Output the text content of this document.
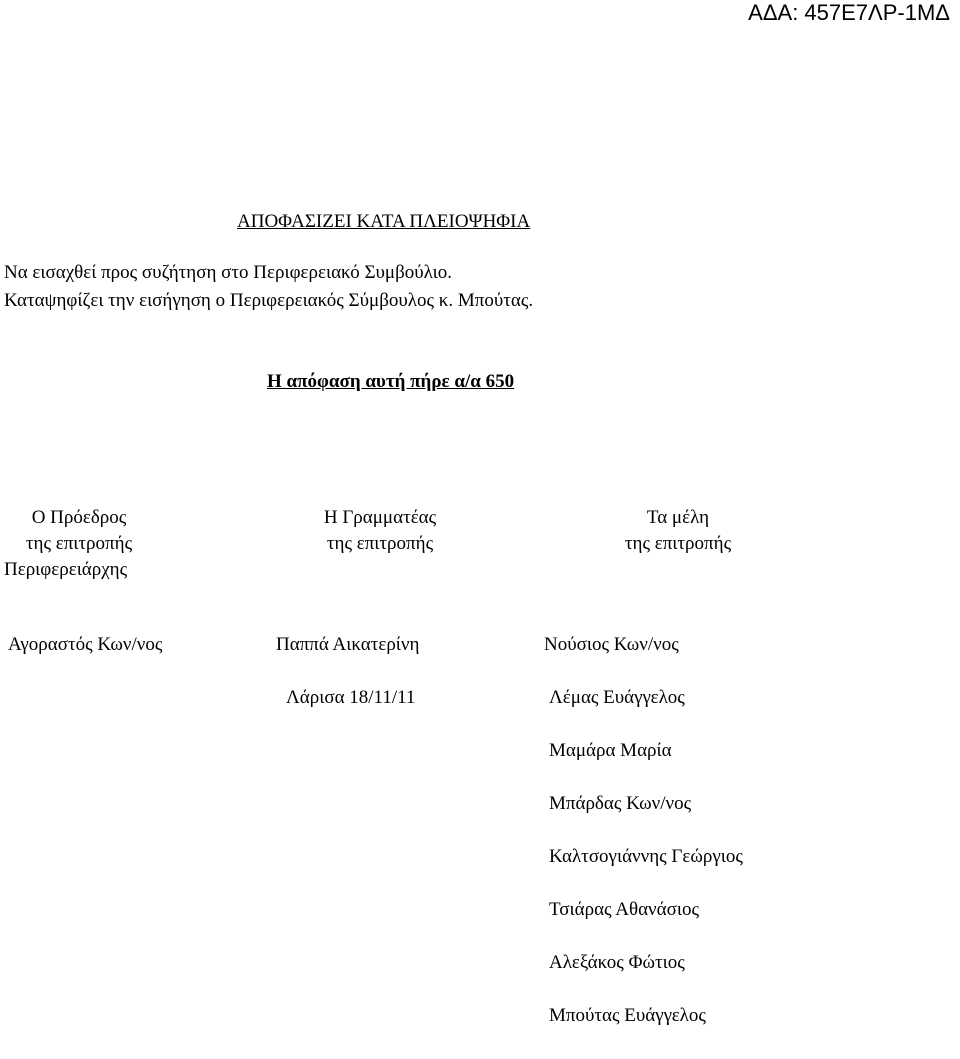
ΑΔΑ: 457Ε7ΛΡ-1ΜΔ
ΑΠΟΦΑΣΙΖΕΙ ΚΑΤΑ ΠΛΕΙΟΨΗΦΙΑ
Να εισαχθεί προς συζήτηση στο Περιφερειακό Συμβούλιο.
Καταψηφίζει την εισήγηση ο Περιφερειακός Σύμβουλος κ. Μπούτας.
Η απόφαση αυτή πήρε α/α 650
Ο Πρόεδρος
της επιτροπής
Περιφερειάρχης
Η Γραμματέας
της επιτροπής
Τα μέλη
της επιτροπής
Αγοραστός Κων/νος	Παππά Αικατερίνη
Λάρισα 18/11/11
Νούσιος Κων/νος
Λέμας Ευάγγελος
Μαμάρα Μαρία
Μπάρδας Κων/νος
Καλτσογιάννης Γεώργιος
Τσιάρας Αθανάσιος
Αλεξάκος Φώτιος
Μπούτας Ευάγγελος
